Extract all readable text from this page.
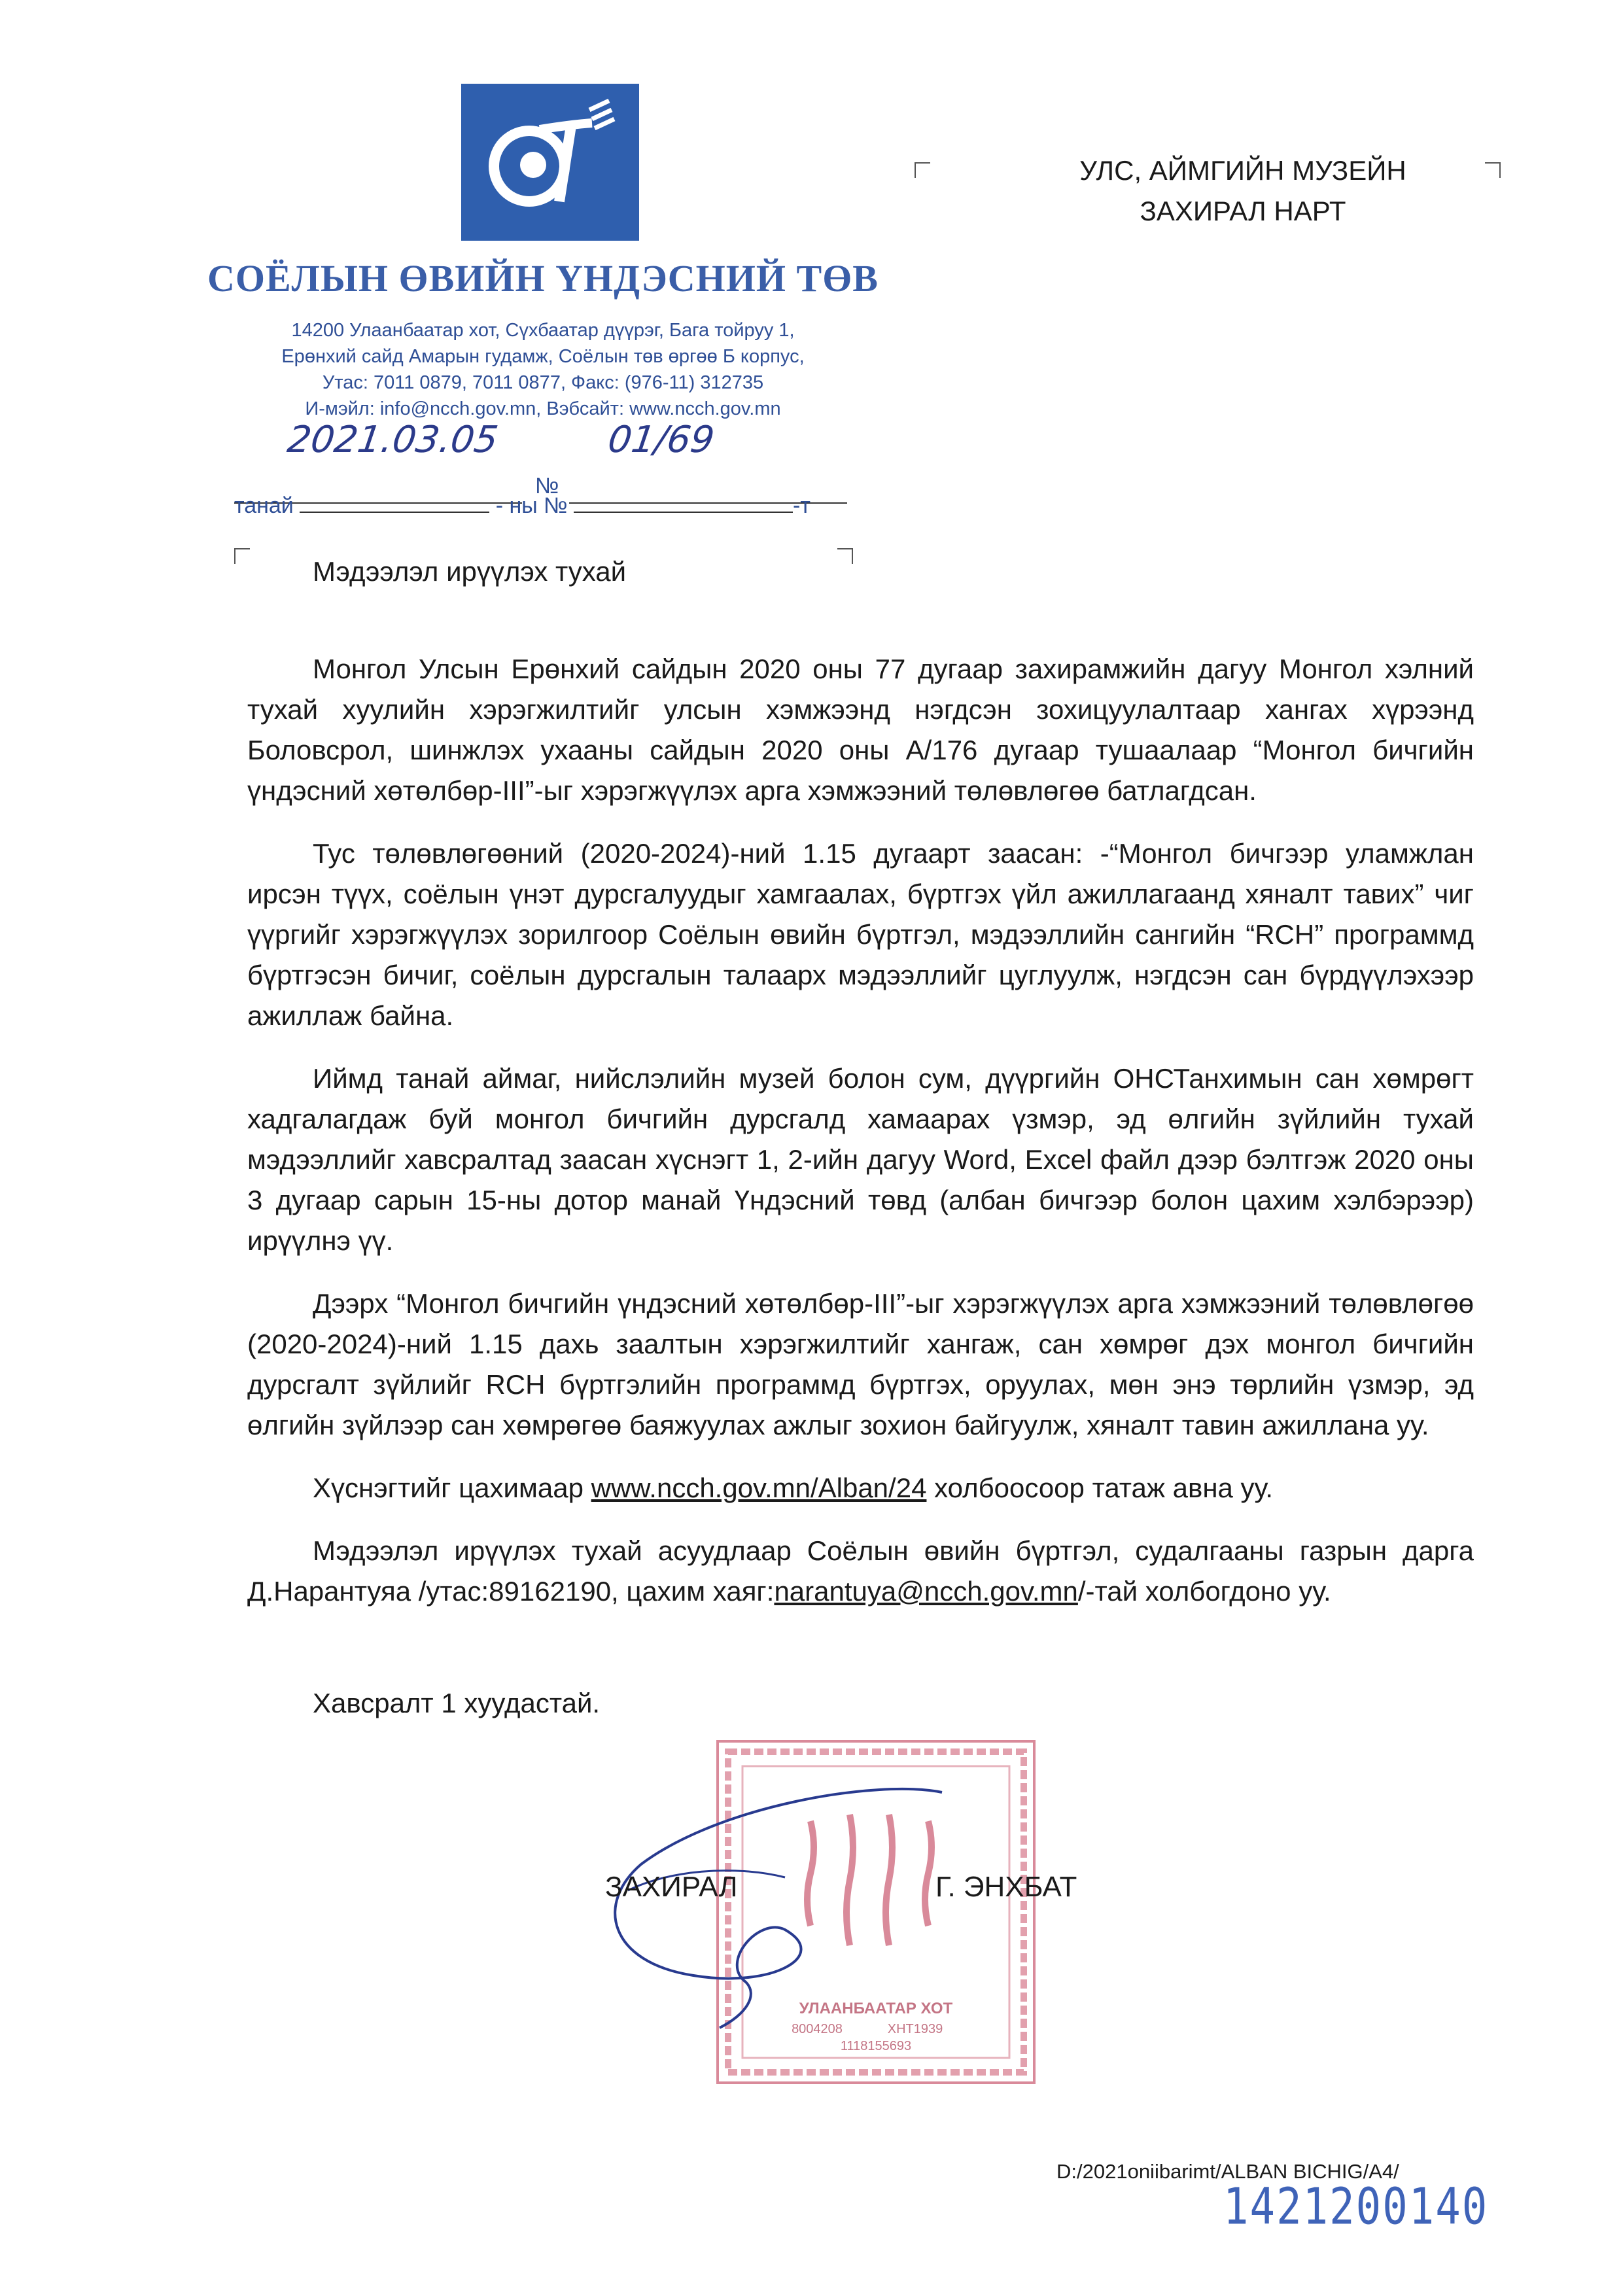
СОЁЛЫН ӨВИЙН ҮНДЭСНИЙ ТӨВ
14200 Улаанбаатар хот, Сүхбаатар дүүрэг, Бага тойруу 1,
Ерөнхий сайд Амарын гудамж, Соёлын төв өргөө Б корпус,
Утас: 7011 0879, 7011 0877, Факс: (976-11) 312735
И-мэйл: info@ncch.gov.mn, Вэбсайт: www.ncch.gov.mn
2021.03.05
№
01/69
танай	- ны №	-т
УЛС, АЙМГИЙН МУЗЕЙН
ЗАХИРАЛ НАРТ
Мэдээлэл ирүүлэх тухай

Монгол Улсын Ерөнхий сайдын 2020 оны 77 дугаар захирамжийн дагуу Монгол хэлний тухай хуулийн хэрэгжилтийг улсын хэмжээнд нэгдсэн зохицуулалтаар хангах хүрээнд Боловсрол, шинжлэх ухааны сайдын 2020 оны А/176 дугаар тушаалаар “Монгол бичгийн үндэсний хөтөлбөр-III”-ыг хэрэгжүүлэх арга хэмжээний төлөвлөгөө батлагдсан.

Тус төлөвлөгөөний (2020-2024)-ний 1.15 дугаарт заасан: -“Монгол бичгээр уламжлан ирсэн түүх, соёлын үнэт дурсгалуудыг хамгаалах, бүртгэх үйл ажиллагаанд хяналт тавих” чиг үүргийг хэрэгжүүлэх зорилгоор Соёлын өвийн бүртгэл, мэдээллийн сангийн “RCH” программд бүртгэсэн бичиг, соёлын дурсгалын талаарх мэдээллийг цуглуулж, нэгдсэн сан бүрдүүлэхээр ажиллаж байна.

Иймд танай аймаг, нийслэлийн музей болон сум, дүүргийн ОНСТанхимын сан хөмрөгт хадгалагдаж буй монгол бичгийн дурсгалд хамаарах үзмэр, эд өлгийн зүйлийн тухай мэдээллийг хавсралтад заасан хүснэгт 1, 2-ийн дагуу Word, Excel файл дээр бэлтгэж 2020 оны 3 дугаар сарын 15-ны дотор манай Үндэсний төвд (албан бичгээр болон цахим хэлбэрээр) ирүүлнэ үү.

Дээрх “Монгол бичгийн үндэсний хөтөлбөр-III”-ыг хэрэгжүүлэх арга хэмжээний төлөвлөгөө (2020-2024)-ний 1.15 дахь заалтын хэрэгжилтийг хангаж, сан хөмрөг дэх монгол бичгийн дурсгалт зүйлийг RCH бүртгэлийн программд бүртгэх, оруулах, мөн энэ төрлийн үзмэр, эд өлгийн зүйлээр сан хөмрөгөө баяжуулах ажлыг зохион байгуулж, хяналт тавин ажиллана уу.

Хүснэгтийг цахимаар www.ncch.gov.mn/Alban/24 холбоосоор татаж авна уу.

Мэдээлэл ирүүлэх тухай асуудлаар Соёлын өвийн бүртгэл, судалгааны газрын дарга Д.Нарантуяа /утас:89162190, цахим хаяг:narantuya@ncch.gov.mn/-тай холбогдоно уу.

Хавсралт 1 хуудастай.
УЛААНБААТАР ХОТ
8004208	ХНТ1939
1118155693
ЗАХИРАЛ	Г. ЭНХБАТ
D:/2021oniibarimt/ALBAN BICHIG/A4/
1421200140
